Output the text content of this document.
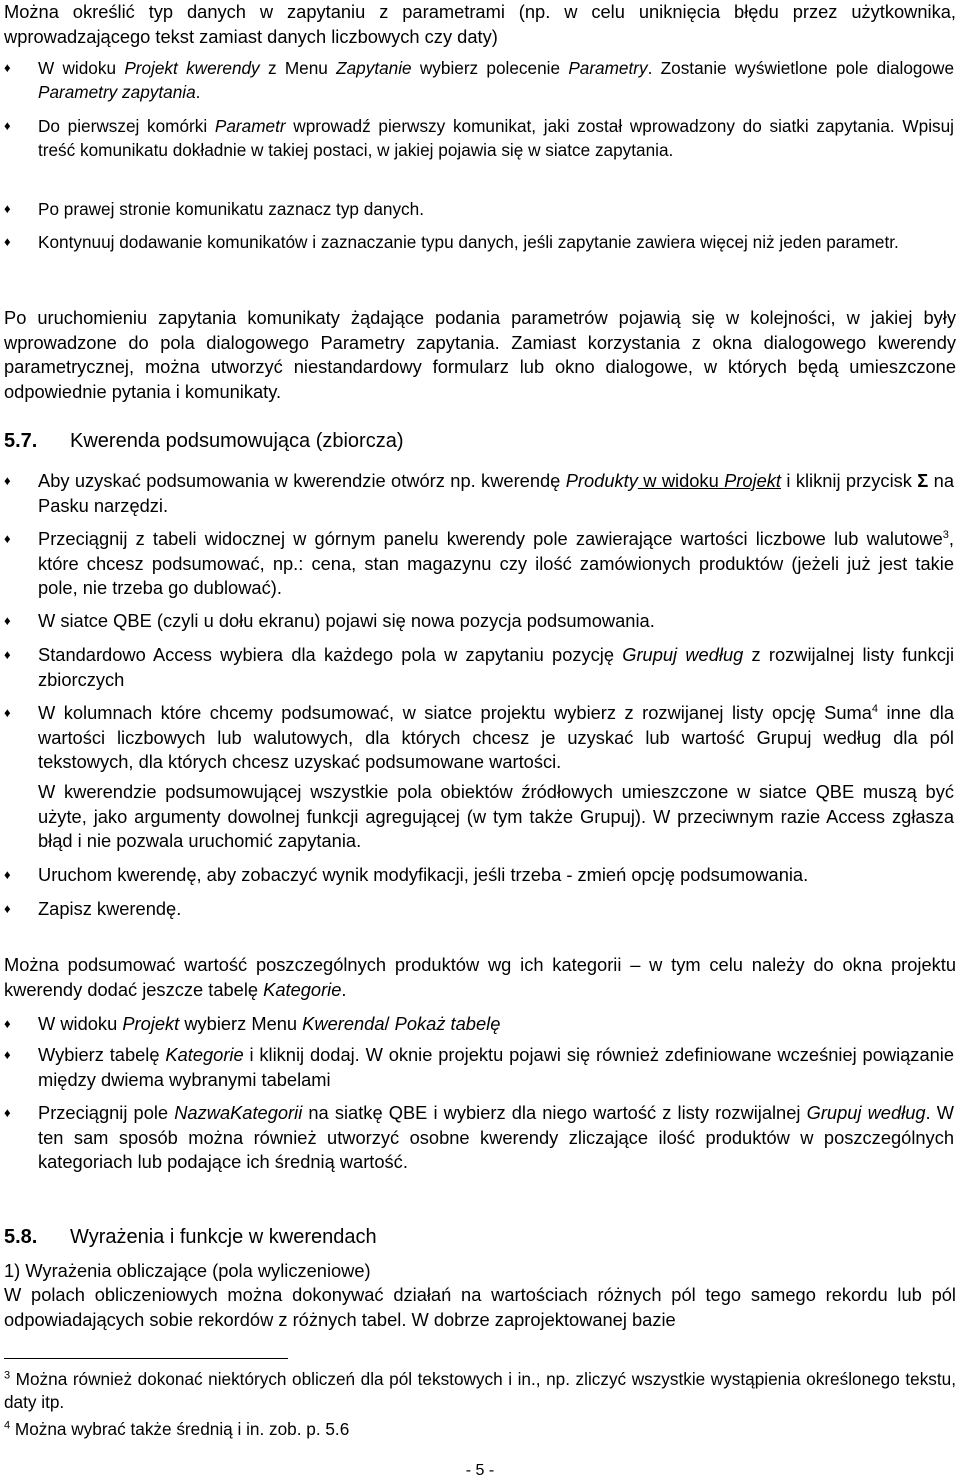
Można określić typ danych w zapytaniu z parametrami (np. w celu uniknięcia błędu przez użytkownika, wprowadzającego tekst zamiast danych liczbowych czy daty)

♦ W widoku Projekt kwerendy z Menu Zapytanie wybierz polecenie Parametry. Zostanie wyświetlone pole dialogowe Parametry zapytania.

♦ Do pierwszej komórki Parametr wprowadź pierwszy komunikat, jaki został wprowadzony do siatki zapytania. Wpisuj treść komunikatu dokładnie w takiej postaci, w jakiej pojawia się w siatce zapytania.

♦ Po prawej stronie komunikatu zaznacz typ danych.

♦ Kontynuuj dodawanie komunikatów i zaznaczanie typu danych, jeśli zapytanie zawiera więcej niż jeden parametr.

Po uruchomieniu zapytania komunikaty żądające podania parametrów pojawią się w kolejności, w jakiej były wprowadzone do pola dialogowego Parametry zapytania. Zamiast korzystania z okna dialogowego kwerendy parametrycznej, można utworzyć niestandardowy formularz lub okno dialogowe, w których będą umieszczone odpowiednie pytania i komunikaty.

5.7. Kwerenda podsumowująca (zbiorcza)

♦ Aby uzyskać podsumowania w kwerendzie otwórz np. kwerendę Produkty w widoku Projekt i kliknij przycisk Σ na Pasku narzędzi.

♦ Przeciągnij z tabeli widocznej w górnym panelu kwerendy pole zawierające wartości liczbowe lub walutowe$^3$, które chcesz podsumować, np.: cena, stan magazynu czy ilość zamówionych produktów (jeżeli już jest takie pole, nie trzeba go dublować).

♦ W siatce QBE (czyli u dołu ekranu) pojawi się nowa pozycja podsumowania.

♦ Standardowo Access wybiera dla każdego pola w zapytaniu pozycję Grupuj według z rozwijalnej listy funkcji zbiorczych

♦ W kolumnach które chcemy podsumować, w siatce projektu wybierz z rozwijanej listy opcję Suma$^4$ inne dla wartości liczbowych lub walutowych, dla których chcesz je uzyskać lub wartość Grupuj według dla pól tekstowych, dla których chcesz uzyskać podsumowane wartości.

W kwerendzie podsumowującej wszystkie pola obiektów źródłowych umieszczone w siatce QBE muszą być użyte, jako argumenty dowolnej funkcji agregującej (w tym także Grupuj). W przeciwnym razie Access zgłasza błąd i nie pozwala uruchomić zapytania.

♦ Uruchom kwerendę, aby zobaczyć wynik modyfikacji, jeśli trzeba - zmień opcję podsumowania.

♦ Zapisz kwerendę.

Można podsumować wartość poszczególnych produktów wg ich kategorii – w tym celu należy do okna projektu kwerendy dodać jeszcze tabelę Kategorie.

♦ W widoku Projekt wybierz Menu Kwerenda/ Pokaż tabelę

♦ Wybierz tabelę Kategorie i kliknij dodaj. W oknie projektu pojawi się również zdefiniowane wcześniej powiązanie między dwiema wybranymi tabelami

♦ Przeciągnij pole NazwaKategorii na siatkę QBE i wybierz dla niego wartość z listy rozwijalnej Grupuj według. W ten sam sposób można również utworzyć osobne kwerendy zliczające ilość produktów w poszczególnych kategoriach lub podające ich średnią wartość.

5.8. Wyrażenia i funkcje w kwerendach

1) Wyrażenia obliczające (pola wyliczeniowe)

W polach obliczeniowych można dokonywać działań na wartościach różnych pól tego samego rekordu lub pól odpowiadających sobie rekordów z różnych tabel. W dobrze zaprojektowanej bazie

$^3$ Można również dokonać niektórych obliczeń dla pól tekstowych i in., np. zliczyć wszystkie wystąpienia określonego tekstu, daty itp.

$^4$ Można wybrać także średnią i in. zob. p. 5.6

- 5 -
